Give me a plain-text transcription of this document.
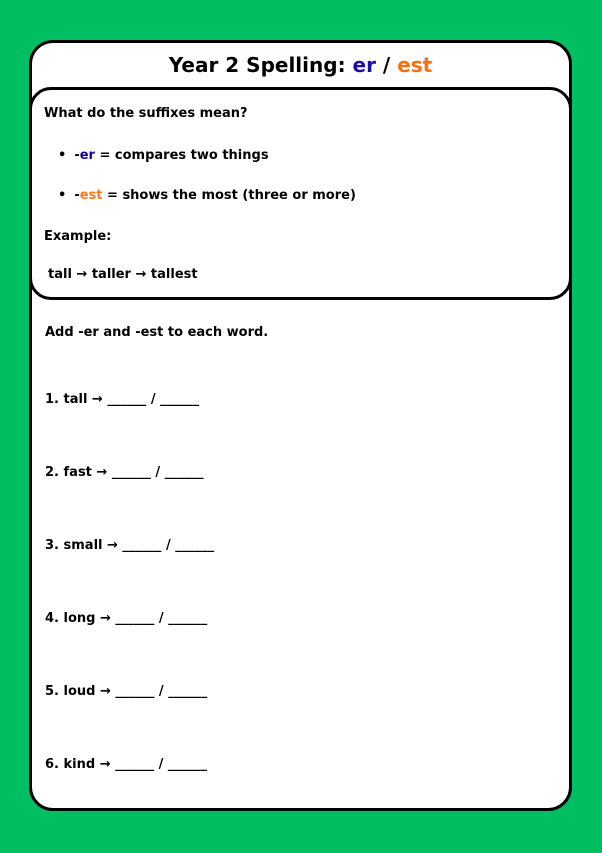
Year 2 Spelling: er / est
What do the suffixes mean?
• -er = compares two things
• -est = shows the most (three or more)
Example:
tall → taller → tallest
Add -er and -est to each word.
1. tall → ______ / ______
2. fast → ______ / ______
3. small → ______ / ______
4. long → ______ / ______
5. loud → ______ / ______
6. kind → ______ / ______
